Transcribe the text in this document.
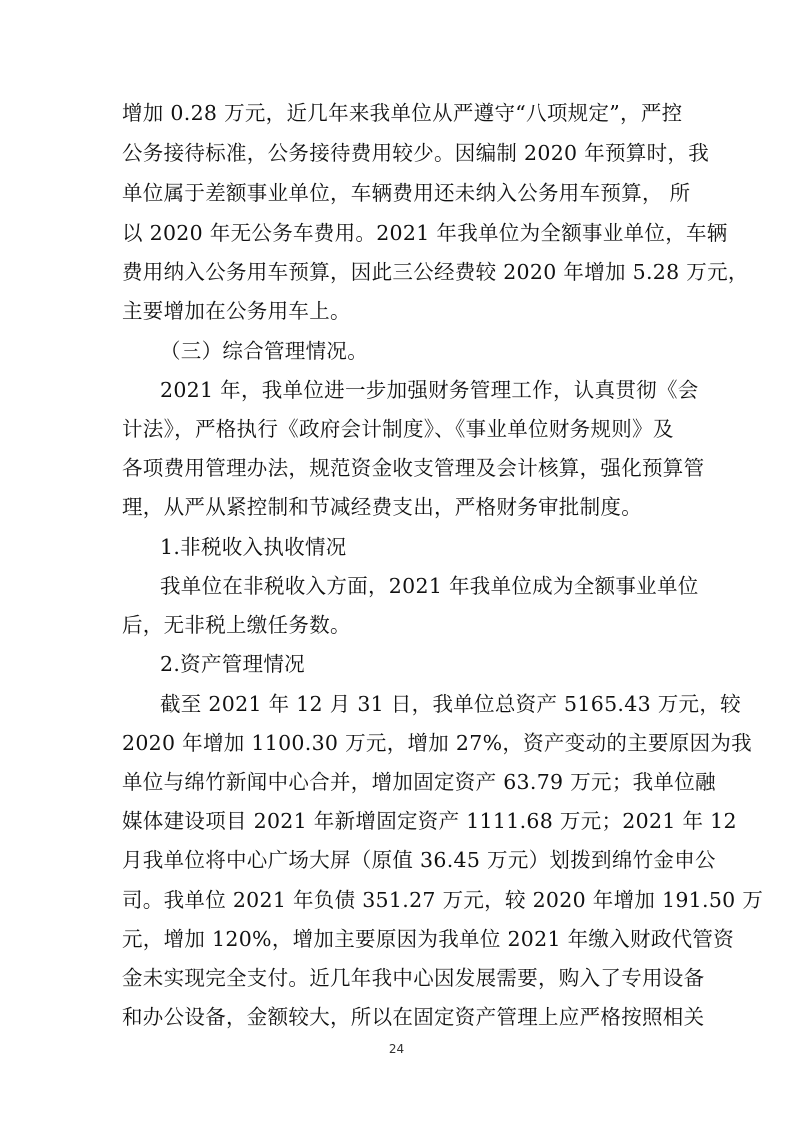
增加 0.28 万元，近几年来我单位从严遵守“八项规定”，严控
公务接待标准，公务接待费用较少。因编制 2020 年预算时，我
单位属于差额事业单位，车辆费用还未纳入公务用车预算， 所
以 2020 年无公务车费用。2021 年我单位为全额事业单位，车辆
费用纳入公务用车预算，因此三公经费较 2020 年增加 5.28 万元，
主要增加在公务用车上。
（三）综合管理情况。
2021 年，我单位进一步加强财务管理工作，认真贯彻《会
计法》，严格执行《政府会计制度》、《事业单位财务规则》及
各项费用管理办法，规范资金收支管理及会计核算，强化预算管
理，从严从紧控制和节减经费支出，严格财务审批制度。
1.非税收入执收情况
我单位在非税收入方面，2021 年我单位成为全额事业单位
后，无非税上缴任务数。
2.资产管理情况
截至 2021 年 12 月 31 日，我单位总资产 5165.43 万元，较
2020 年增加 1100.30 万元，增加 27%，资产变动的主要原因为我
单位与绵竹新闻中心合并，增加固定资产 63.79 万元；我单位融
媒体建设项目 2021 年新增固定资产 1111.68 万元；2021 年 12
月我单位将中心广场大屏（原值 36.45 万元）划拨到绵竹金申公
司。我单位 2021 年负债 351.27 万元，较 2020 年增加 191.50 万
元，增加 120%，增加主要原因为我单位 2021 年缴入财政代管资
金未实现完全支付。近几年我中心因发展需要，购入了专用设备
和办公设备，金额较大，所以在固定资产管理上应严格按照相关
24
